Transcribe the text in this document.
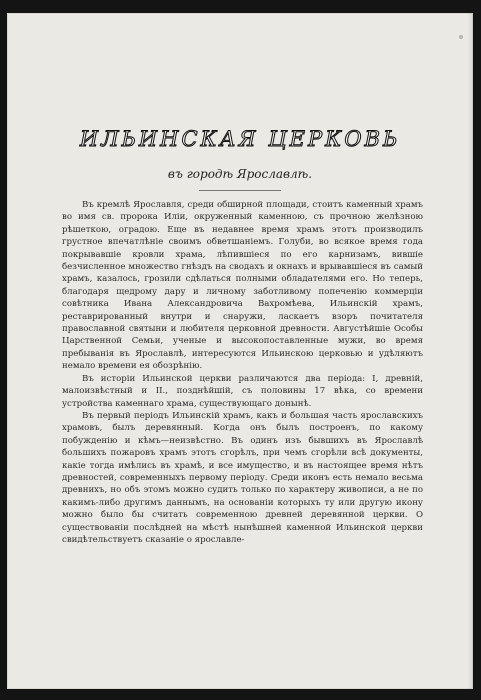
ИЛЬИНСКАЯ ЦЕРКОВЬ
въ городѣ Ярославлѣ.

Въ кремлѣ Ярославля, среди обширной площади, стоитъ каменный храмъ во имя св. пророка Иліи, окруженный каменною, съ прочною желѣзною рѣшеткою, оградою. Еще въ недавнее время храмъ этотъ производилъ грустное впечатлѣніе своимъ обветшаніемъ. Голуби, во всякое время года покрывавшіе кровли храма, лѣпившіеся по его карнизамъ, вившіе безчисленное множество гнѣздъ на сводахъ и окнахъ и врывавшіеся въ самый храмъ, казалось, грозили сдѣлаться полными обладателями его. Но теперь, благодаря щедрому дару и личному заботливому попеченію коммерціи совѣтника Ивана Александровича Вахромѣева, Ильинскій храмъ, реставрированный внутри и снаружи, ласкаетъ взоръ почитателя православной святыни и любителя церковной древности. Августѣйшіе Особы Царственной Семьи, ученые и высокопоставленные мужи, во время пребыванія въ Ярославлѣ, интересуются Ильинскою церковью и удѣляютъ немало времени ея обозрѣнію.

Въ исторіи Ильинской церкви различаются два періода: I, древній, малоизвѣстный и II., позднѣйшій, съ половины 17 вѣка, со времени устройства каменнаго храма, существующаго донынѣ.

Въ первый періодъ Ильинскій храмъ, какъ и большая часть ярославскихъ храмовъ, былъ деревянный. Когда онъ былъ построенъ, по какому побужденію и кѣмъ—неизвѣстно. Въ одинъ изъ бывшихъ въ Ярославлѣ большихъ пожаровъ храмъ этотъ сгорѣлъ, при чемъ сгорѣли всѣ документы, какіе тогда имѣлись въ храмѣ, и все имущество, и въ настоящее время нѣтъ древностей, современныхъ первому періоду. Среди иконъ есть немало весьма древнихъ, но объ этомъ можно судить только по характеру живописи, а не по какимъ-либо другимъ даннымъ, на основаніи которыхъ ту или другую икону можно было бы считать современною древней деревянной церкви. О существованіи послѣдней на мѣстѣ нынѣшней каменной Ильинской церкви свидѣтельствуетъ сказаніе о ярославле-
